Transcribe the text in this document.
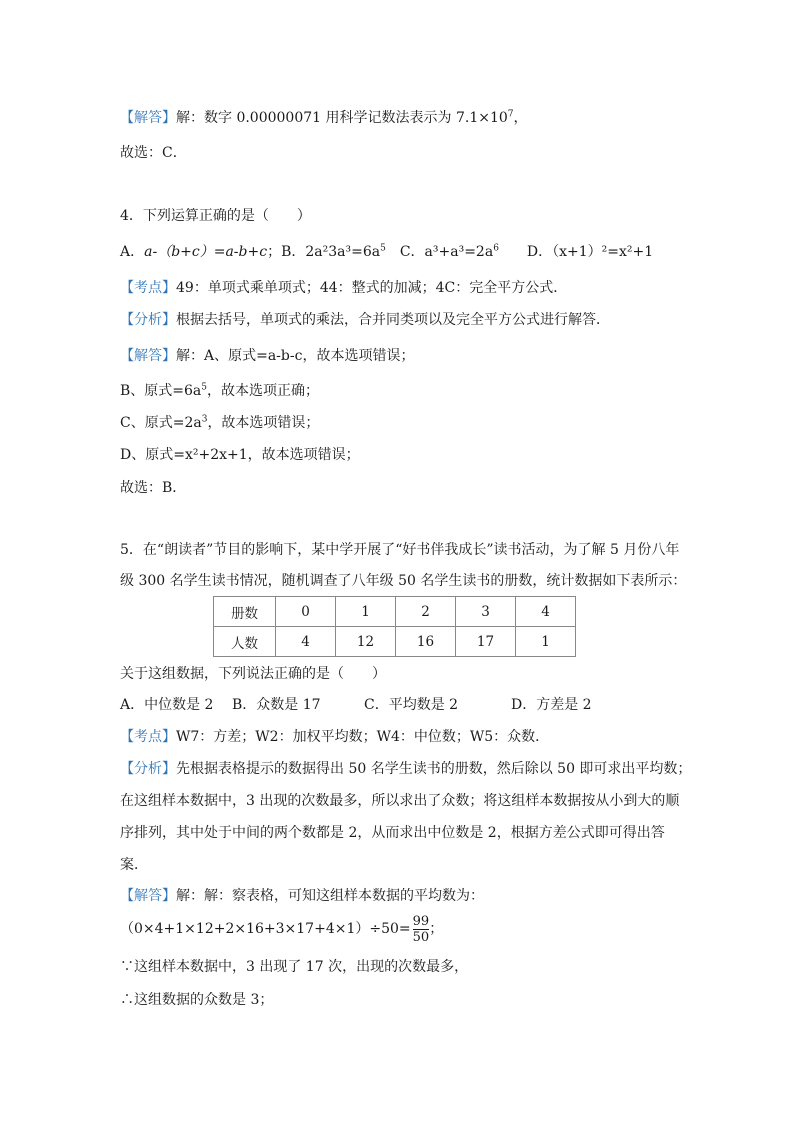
【解答】解：数字 0.00000071 用科学记数法表示为 $7.1\times 10^7$，
故选：C．
4．下列运算正确的是（　　）
A．a-（b+c）=a-b+c；B．$2a^23a^3=6a^5$　C．$a^3+a^3=2a^6$　　D．（x+1）²=x²+1
【考点】49：单项式乘单项式；44：整式的加减；4C：完全平方公式．
【分析】根据去括号，单项式的乘法，合并同类项以及完全平方公式进行解答．
【解答】解：A、原式=a-b-c，故本选项错误；
B、原式$=6a^5$，故本选项正确；
C、原式$=2a^3$，故本选项错误；
D、原式=x²+2x+1，故本选项错误；
故选：B．
5．在“朗读者”节目的影响下，某中学开展了“好书伴我成长”读书活动，为了解 5 月份八年
级 300 名学生读书情况，随机调查了八年级 50 名学生读书的册数，统计数据如下表所示：
册数	0	1	2	3	4
人数	4	12	16	17	1
关于这组数据，下列说法正确的是（　　）
A．中位数是 2 B．众数是 17	C．平均数是 2	D．方差是 2
【考点】W7：方差；W2：加权平均数；W4：中位数；W5：众数．
【分析】先根据表格提示的数据得出 50 名学生读书的册数，然后除以 50 即可求出平均数；
在这组样本数据中，3 出现的次数最多，所以求出了众数；将这组样本数据按从小到大的顺
序排列，其中处于中间的两个数都是 2，从而求出中位数是 2，根据方差公式即可得出答
案．
【解答】解：解：察表格，可知这组样本数据的平均数为：
$(0\times 4+1\times 12+2\times 16+3\times 17+4\times 1)\div 50= \frac{99}{50}$ ；
∵这组样本数据中，3 出现了 17 次，出现的次数最多，
∴这组数据的众数是 3；
